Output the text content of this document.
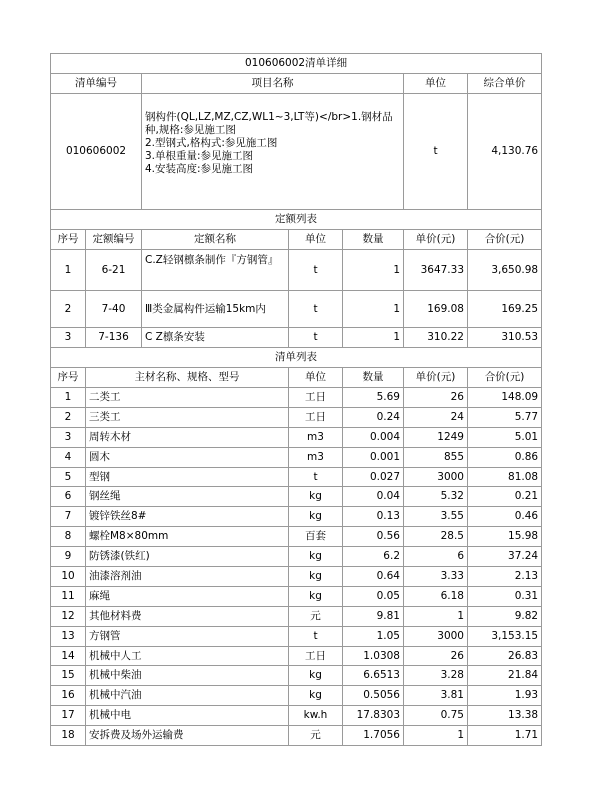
010606002清单详细						
清单编号		项目名称			单位	综合单价
010606002		钢构件(QL,LZ,MZ,CZ,WL1~3,LT等)</br>1.钢材品种,规格:参见施工图
2.型钢式,格构式:参见施工图
3.单根重量:参见施工图
4.安装高度:参见施工图			t	4,130.76
定额列表						
序号	定额编号	定额名称	单位	数量	单价(元)	合价(元)
1	6-21	C.Z轻钢檩条制作『方钢管』	t	1	3647.33	3,650.98
2	7-40	Ⅲ类金属构件运输15km内	t	1	169.08	169.25
3	7-136	C Z檩条安装	t	1	310.22	310.53
清单列表						
序号	主材名称、规格、型号		单位	数量	单价(元)	合价(元)
1	二类工		工日	5.69	26	148.09
2	三类工		工日	0.24	24	5.77
3	周转木材		m3	0.004	1249	5.01
4	圆木		m3	0.001	855	0.86
5	型钢		t	0.027	3000	81.08
6	钢丝绳		kg	0.04	5.32	0.21
7	镀锌铁丝8#		kg	0.13	3.55	0.46
8	螺栓M8×80mm		百套	0.56	28.5	15.98
9	防锈漆(铁红)		kg	6.2	6	37.24
10	油漆溶剂油		kg	0.64	3.33	2.13
11	麻绳		kg	0.05	6.18	0.31
12	其他材料费		元	9.81	1	9.82
13	方钢管		t	1.05	3000	3,153.15
14	机械中人工		工日	1.0308	26	26.83
15	机械中柴油		kg	6.6513	3.28	21.84
16	机械中汽油		kg	0.5056	3.81	1.93
17	机械中电		kw.h	17.8303	0.75	13.38
18	安拆费及场外运输费		元	1.7056	1	1.71
